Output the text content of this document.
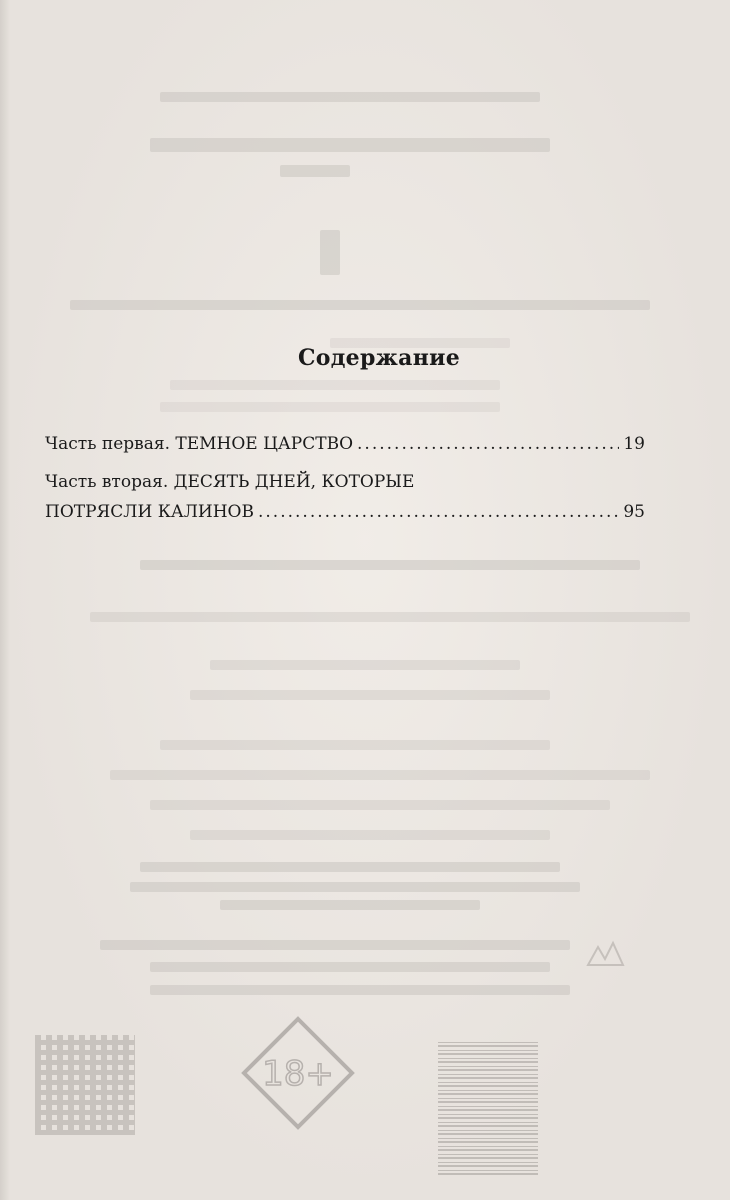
18+
Содержание
Часть первая. ТЕМНОЕ ЦАРСТВО .....	19
Часть вторая. ДЕСЯТЬ ДНЕЙ, КОТОРЫЕ
ПОТРЯСЛИ КАЛИНОВ .....	95
